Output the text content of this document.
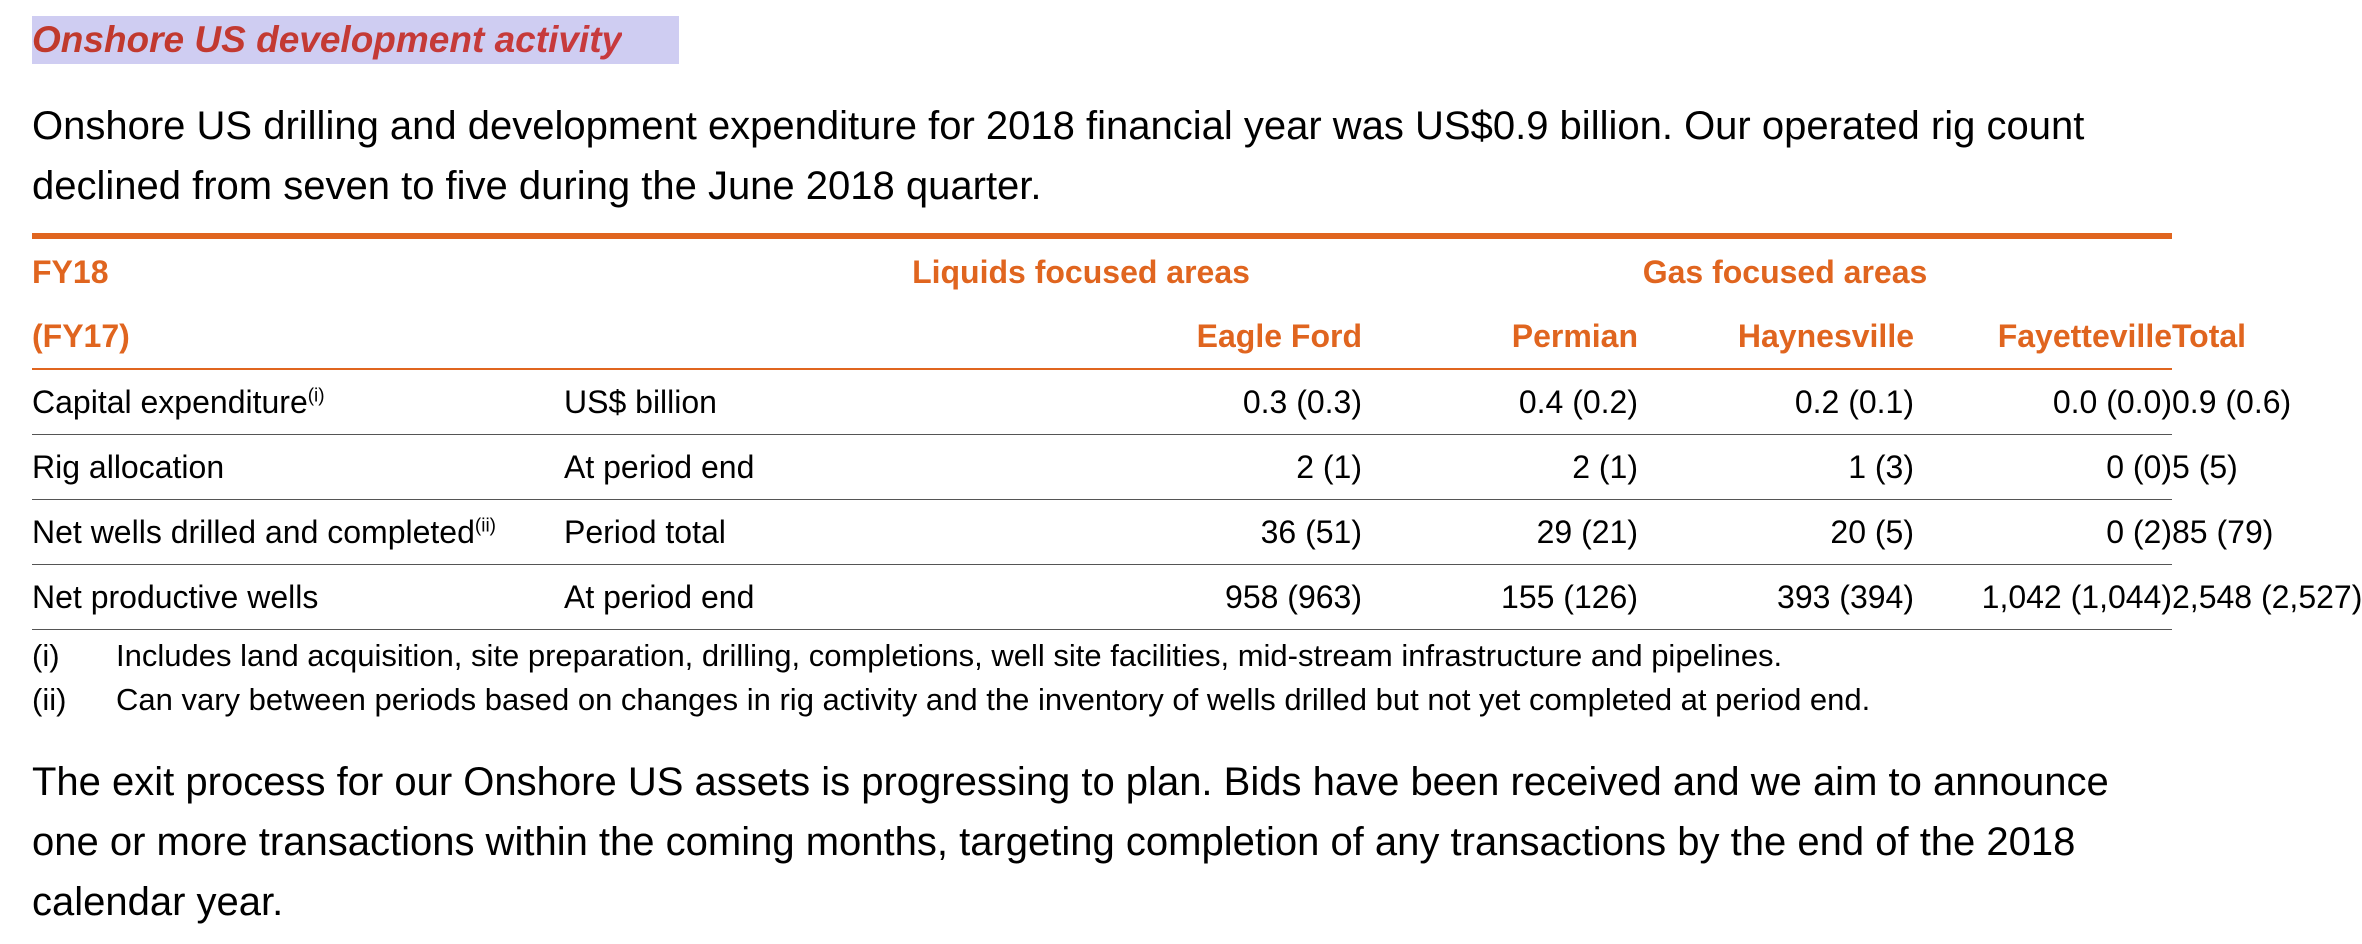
Onshore US development activity

Onshore US drilling and development expenditure for 2018 financial year was US$0.9 billion. Our operated rig count declined from seven to five during the June 2018 quarter.

FY18		Liquids focused areas		Gas focused areas		
(FY17)		Eagle Ford	Permian	Haynesville	Fayetteville	Total
Capital expenditure$^{(i)}$	US$ billion	0.3 (0.3)	0.4 (0.2)	0.2 (0.1)	0.0 (0.0)	0.9 (0.6)
Rig allocation	At period end	2 (1)	2 (1)	1 (3)	0 (0)	5 (5)
Net wells drilled and completed$^{(ii)}$	Period total	36 (51)	29 (21)	20 (5)	0 (2)	85 (79)
Net productive wells	At period end	958 (963)	155 (126)	393 (394)	1,042 (1,044)	2,548 (2,527)
(i)	Includes land acquisition, site preparation, drilling, completions, well site facilities, mid-stream infrastructure and pipelines.
(ii)	Can vary between periods based on changes in rig activity and the inventory of wells drilled but not yet completed at period end.

The exit process for our Onshore US assets is progressing to plan. Bids have been received and we aim to announce one or more transactions within the coming months, targeting completion of any transactions by the end of the 2018 calendar year.
